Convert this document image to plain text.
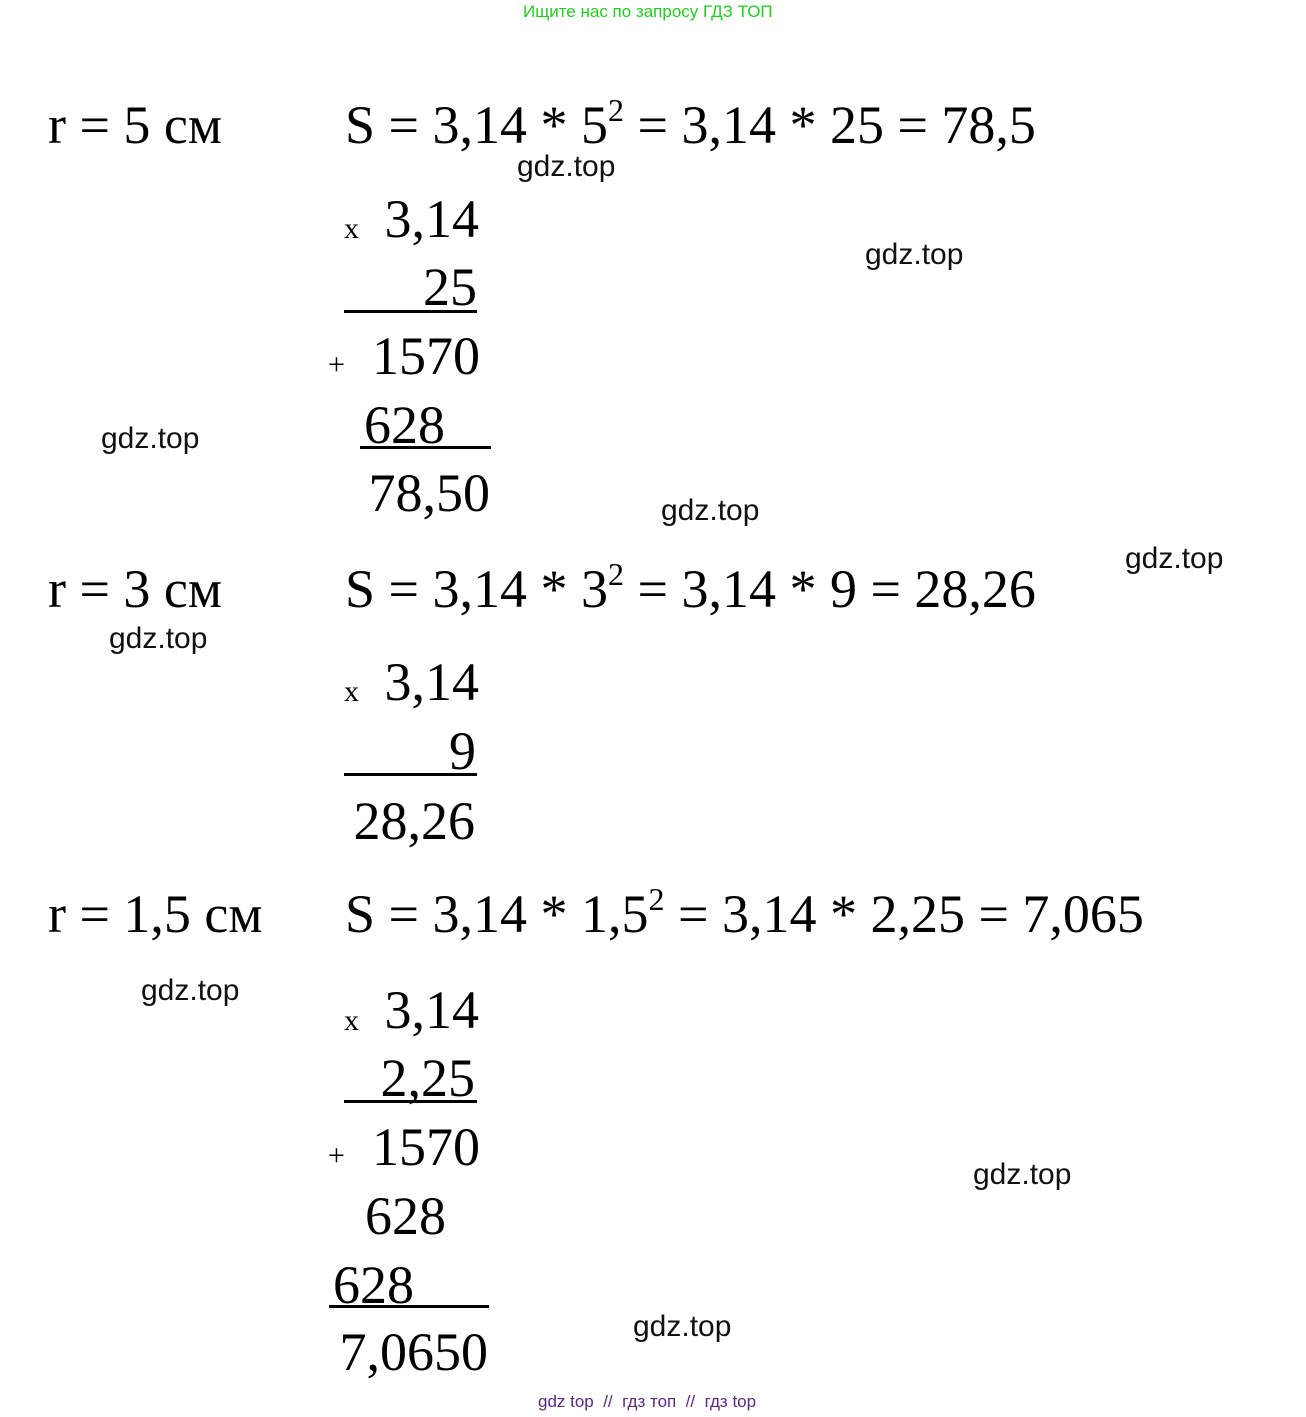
Ищите нас по запросу ГДЗ ТОП
gdz top  //  гдз топ  //  гдз top
gdz.top
gdz.top
gdz.top
gdz.top
gdz.top
gdz.top
gdz.top
gdz.top
gdz.top
r = 5 см $S = 3,14 * 5^2 = 3,14 * 25 = 78,5$
x 3,14
25
+ 1570
628
78,50
r = 3 см $S = 3,14 * 3^2 = 3,14 * 9 = 28,26$
x 3,14
9
28,26
r = 1,5 см $S = 3,14 * 1,5^2 = 3,14 * 2,25 = 7,065$
x 3,14
2,25
+ 1570
628
628
7,0650
